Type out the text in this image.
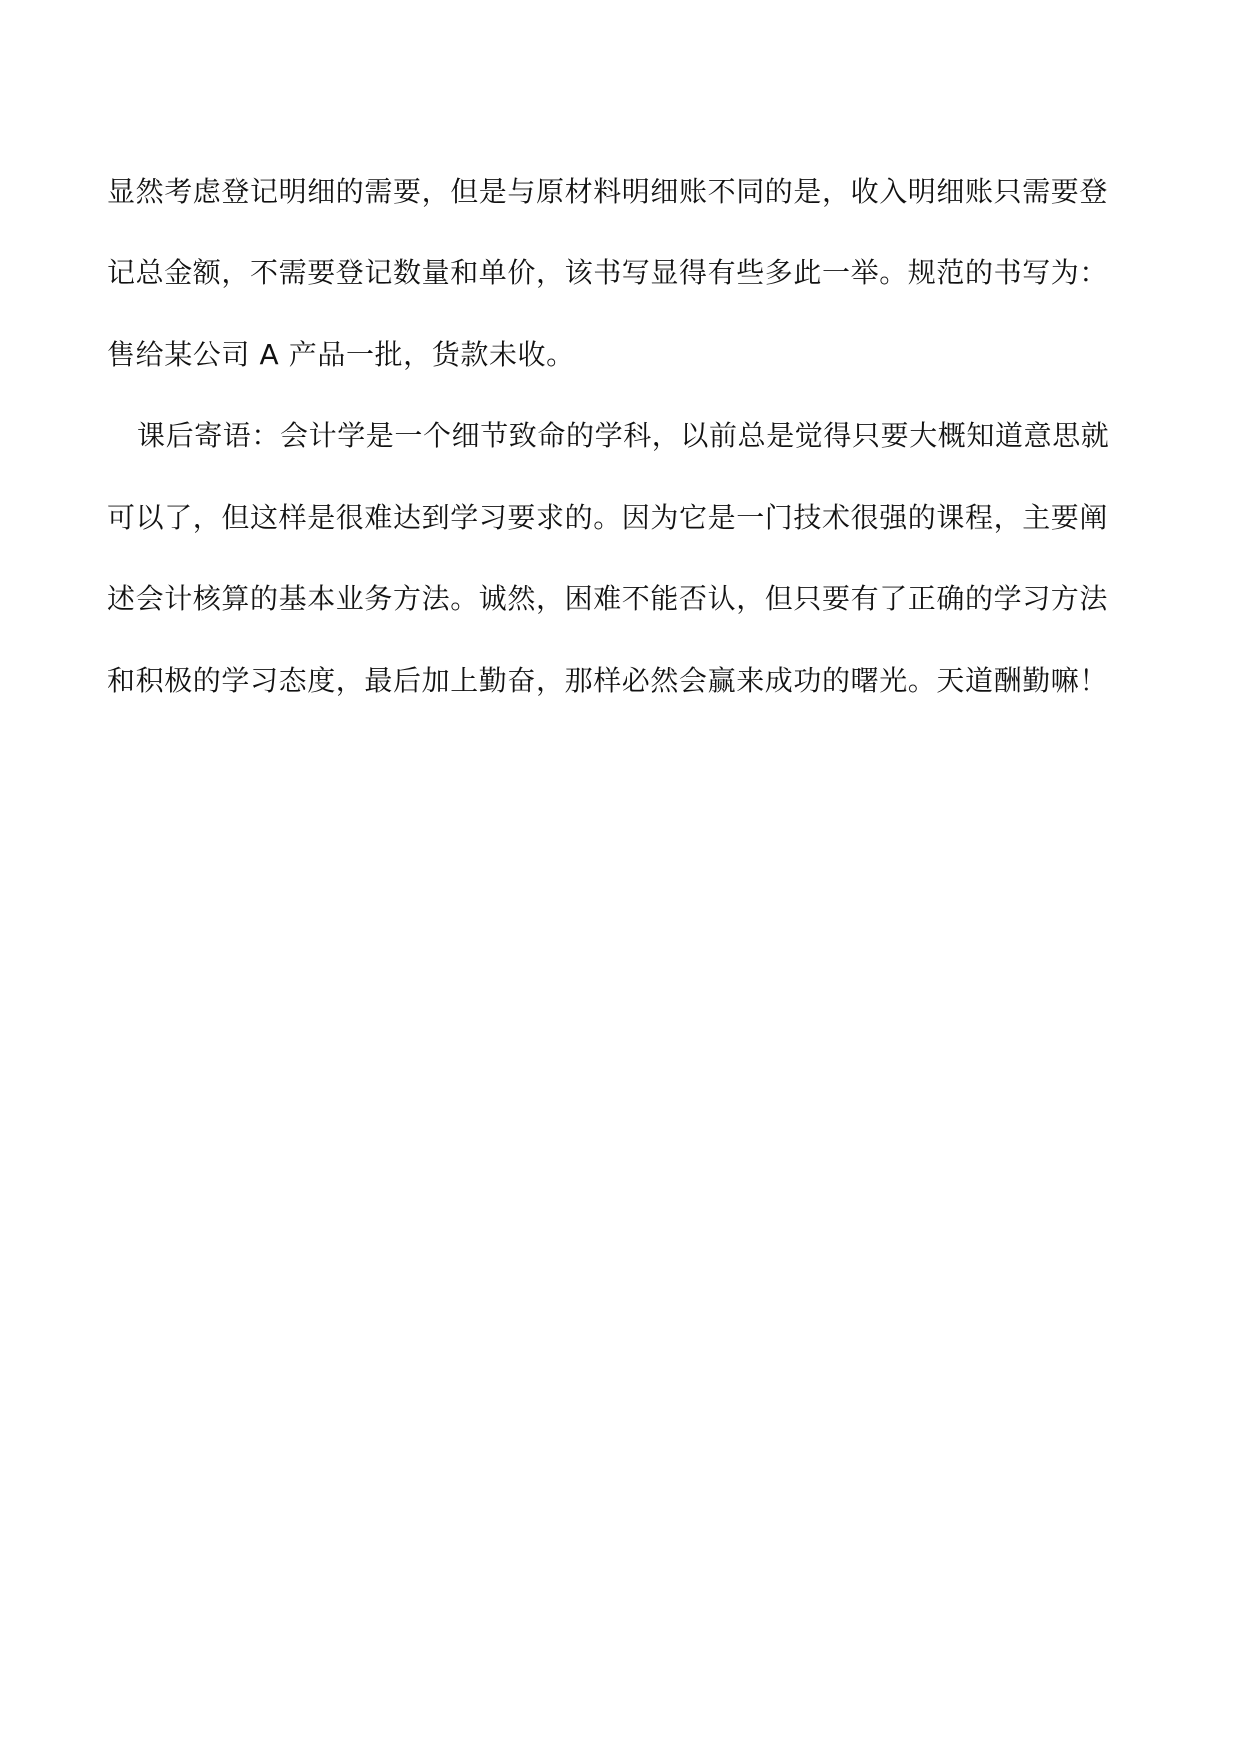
显然考虑登记明细的需要，但是与原材料明细账不同的是，收入明细账只需要登
记总金额，不需要登记数量和单价，该书写显得有些多此一举。规范的书写为：
售给某公司 A 产品一批，货款未收。
课后寄语：会计学是一个细节致命的学科，以前总是觉得只要大概知道意思就
可以了，但这样是很难达到学习要求的。因为它是一门技术很强的课程，主要阐
述会计核算的基本业务方法。诚然，困难不能否认，但只要有了正确的学习方法
和积极的学习态度，最后加上勤奋，那样必然会赢来成功的曙光。天道酬勤嘛！
